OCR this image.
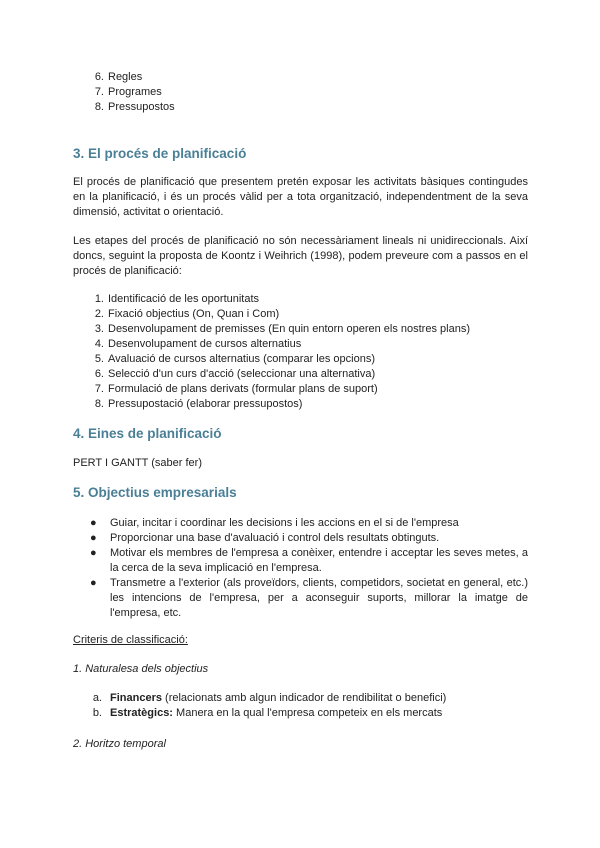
6. Regles
7. Programes
8. Pressupostos
3. El procés de planificació

El procés de planificació que presentem pretén exposar les activitats bàsiques contingudes en la planificació, i és un procés vàlid per a tota organització, independentment de la seva dimensió, activitat o orientació.

Les etapes del procés de planificació no són necessàriament lineals ni unidireccionals. Així doncs, seguint la proposta de Koontz i Weihrich (1998), podem preveure com a passos en el procés de planificació:

1. Identificació de les oportunitats
2. Fixació objectius (On, Quan i Com)
3. Desenvolupament de premisses (En quin entorn operen els nostres plans)
4. Desenvolupament de cursos alternatius
5. Avaluació de cursos alternatius (comparar les opcions)
6. Selecció d'un curs d'acció (seleccionar una alternativa)
7. Formulació de plans derivats (formular plans de suport)
8. Pressupostació (elaborar pressupostos)
4. Eines de planificació

PERT I GANTT (saber fer)

5. Objectius empresarials
● Guiar, incitar i coordinar les decisions i les accions en el si de l'empresa
● Proporcionar una base d'avaluació i control dels resultats obtinguts.
● Motivar els membres de l'empresa a conèixer, entendre i acceptar les seves metes, a la cerca de la seva implicació en l'empresa.
● Transmetre a l'exterior (als proveïdors, clients, competidors, societat en general, etc.) les intencions de l'empresa, per a aconseguir suports, millorar la imatge de l'empresa, etc.

Criteris de classificació:

1. Naturalesa dels objectius

a. Financers (relacionats amb algun indicador de rendibilitat o benefici)
b. Estratègics: Manera en la qual l'empresa competeix en els mercats

2. Horitzo temporal
